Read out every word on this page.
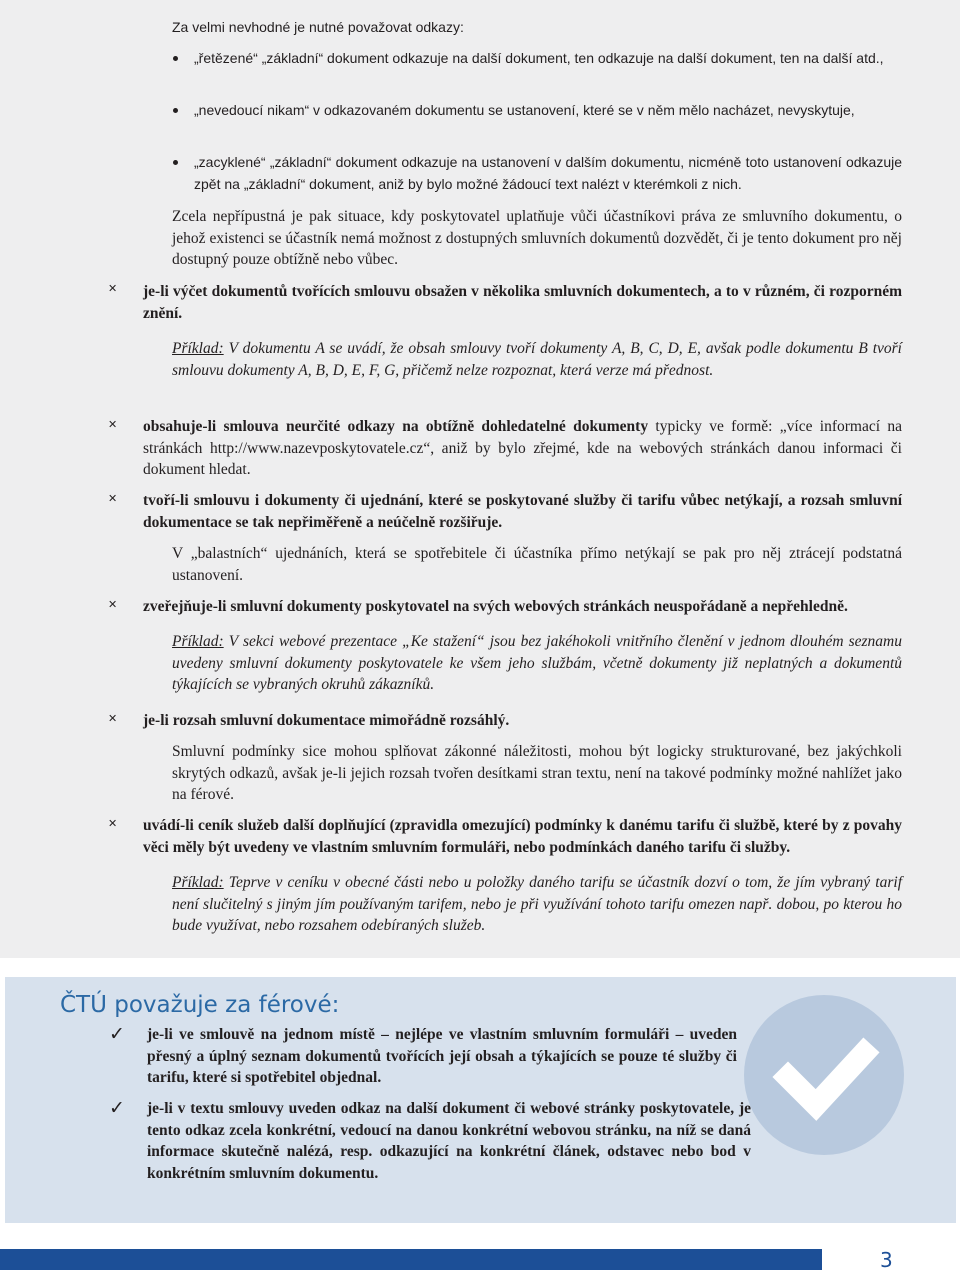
Za velmi nevhodné je nutné považovat odkazy:

„řetězené“ „základní“ dokument odkazuje na další dokument, ten odkazuje na další dokument, ten na další atd.,

„nevedoucí nikam“ v odkazovaném dokumentu se ustanovení, které se v něm mělo nacházet, nevyskytuje,

„zacyklené“ „základní“ dokument odkazuje na ustanovení v dalším dokumentu, nicméně toto ustanovení odkazuje zpět na „základní“ dokument, aniž by bylo možné žádoucí text nalézt v kterémkoli z nich.

Zcela nepřípustná je pak situace, kdy poskytovatel uplatňuje vůči účastníkovi práva ze smluvního dokumentu, o jehož existenci se účastník nemá možnost z dostupných smluvních dokumentů dozvědět, či je tento dokument pro něj dostupný pouze obtížně nebo vůbec.

✕ je-li výčet dokumentů tvořících smlouvu obsažen v několika smluvních dokumentech, a to v různém, či rozporném znění.

Příklad: V dokumentu A se uvádí, že obsah smlouvy tvoří dokumenty A, B, C, D, E, avšak podle dokumentu B tvoří smlouvu dokumenty A, B, D, E, F, G, přičemž nelze rozpoznat, která verze má přednost.

✕ obsahuje-li smlouva neurčité odkazy na obtížně dohledatelné dokumenty typicky ve formě: „více informací na stránkách http://www.nazevposkytovatele.cz“, aniž by bylo zřejmé, kde na webových stránkách danou informaci či dokument hledat.

✕ tvoří-li smlouvu i dokumenty či ujednání, které se poskytované služby či tarifu vůbec netýkají, a rozsah smluvní dokumentace se tak nepřiměřeně a neúčelně rozšiřuje.

V „balastních“ ujednáních, která se spotřebitele či účastníka přímo netýkají se pak pro něj ztrácejí podstatná ustanovení.

✕ zveřejňuje-li smluvní dokumenty poskytovatel na svých webových stránkách neuspořádaně a nepřehledně.

Příklad: V sekci webové prezentace „Ke stažení“ jsou bez jakéhokoli vnitřního členění v jednom dlouhém seznamu uvedeny smluvní dokumenty poskytovatele ke všem jeho službám, včetně dokumenty již neplatných a dokumentů týkajících se vybraných okruhů zákazníků.

✕ je-li rozsah smluvní dokumentace mimořádně rozsáhlý.

Smluvní podmínky sice mohou splňovat zákonné náležitosti, mohou být logicky strukturované, bez jakýchkoli skrytých odkazů, avšak je-li jejich rozsah tvořen desítkami stran textu, není na takové podmínky možné nahlížet jako na férové.

✕ uvádí-li ceník služeb další doplňující (zpravidla omezující) podmínky k danému tarifu či službě, které by z povahy věci měly být uvedeny ve vlastním smluvním formuláři, nebo podmínkách daného tarifu či služby.

Příklad: Teprve v ceníku v obecné části nebo u položky daného tarifu se účastník dozví o tom, že jím vybraný tarif není slučitelný s jiným jím používaným tarifem, nebo je při využívání tohoto tarifu omezen např. dobou, po kterou ho bude využívat, nebo rozsahem odebíraných služeb.

ČTÚ považuje za férové:

✓ je-li ve smlouvě na jednom místě – nejlépe ve vlastním smluvním formuláři – uveden přesný a úplný seznam dokumentů tvořících její obsah a týkajících se pouze té služby či tarifu, které si spotřebitel objednal.

✓ je-li v textu smlouvy uveden odkaz na další dokument či webové stránky poskytovatele, je tento odkaz zcela konkrétní, vedoucí na danou konkrétní webovou stránku, na níž se daná informace skutečně nalézá, resp. odkazující na konkrétní článek, odstavec nebo bod v konkrétním smluvním dokumentu.

3
